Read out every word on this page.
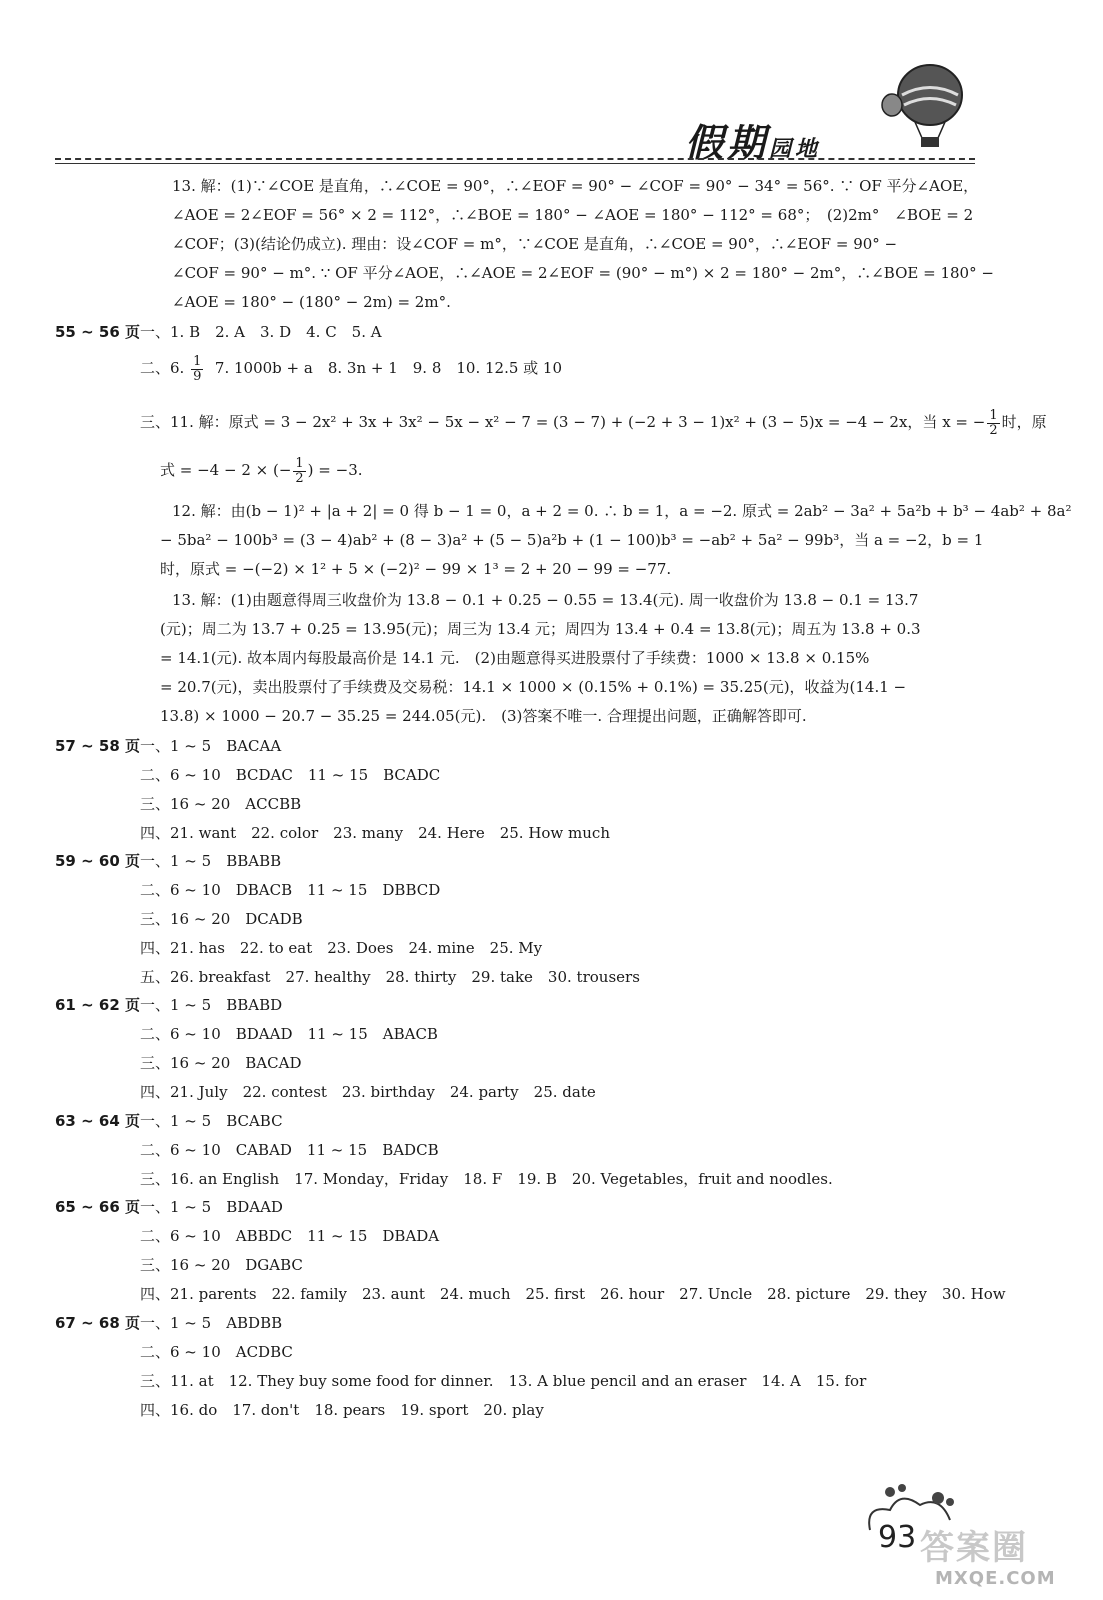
假期园地
13. 解：(1)∵∠COE 是直角，∴∠COE = 90°，∴∠EOF = 90° − ∠COF = 90° − 34° = 56°. ∵ OF 平分∠AOE，
∠AOE = 2∠EOF = 56° × 2 = 112°，∴∠BOE = 180° − ∠AOE = 180° − 112° = 68°；　(2)2m°　∠BOE = 2
∠COF；(3)(结论仍成立). 理由：设∠COF = m°，∵∠COE 是直角，∴∠COE = 90°，∴∠EOF = 90° −
∠COF = 90° − m°. ∵ OF 平分∠AOE，∴∠AOE = 2∠EOF = (90° − m°) × 2 = 180° − 2m°，∴∠BOE = 180° −
∠AOE = 180° − (180° − 2m) = 2m°.
55 ~ 56 页 一、1. B　2. A　3. D　4. C　5. A
二、6. $\frac{1}{9} 7$. 1000b + a　8. 3n + 1　9. 8　10. 12.5 或 10
三、11. 解：原式 = 3 − 2x² + 3x + 3x² − 5x − x² − 7 = (3 − 7) + (−2 + 3 − 1)x² + (3 − 5)x = −4 − 2x，当 x = − $\frac{1}{2}$ 时，原
式 = −4 − 2 × (− $\frac{1}{2}$ ) = −3.
12. 解：由(b − 1)² + |a + 2| = 0 得 b − 1 = 0，a + 2 = 0. ∴ b = 1，a = −2. 原式 = 2ab² − 3a² + 5a²b + b³ − 4ab² + 8a²
− 5ba² − 100b³ = (3 − 4)ab² + (8 − 3)a² + (5 − 5)a²b + (1 − 100)b³ = −ab² + 5a² − 99b³，当 a = −2，b = 1
时，原式 = −(−2) × 1² + 5 × (−2)² − 99 × 1³ = 2 + 20 − 99 = −77.
13. 解：(1)由题意得周三收盘价为 13.8 − 0.1 + 0.25 − 0.55 = 13.4(元). 周一收盘价为 13.8 − 0.1 = 13.7
(元)；周二为 13.7 + 0.25 = 13.95(元)；周三为 13.4 元；周四为 13.4 + 0.4 = 13.8(元)；周五为 13.8 + 0.3
= 14.1(元). 故本周内每股最高价是 14.1 元.　(2)由题意得买进股票付了手续费：1000 × 13.8 × 0.15%
= 20.7(元)，卖出股票付了手续费及交易税：14.1 × 1000 × (0.15% + 0.1%) = 35.25(元)，收益为(14.1 −
13.8) × 1000 − 20.7 − 35.25 = 244.05(元).　(3)答案不唯一. 合理提出问题，正确解答即可.
57 ~ 58 页 一、1 ~ 5　BACAA
二、6 ~ 10　BCDAC　11 ~ 15　BCADC
三、16 ~ 20　ACCBB
四、21. want　22. color　23. many　24. Here　25. How much
59 ~ 60 页 一、1 ~ 5　BBABB
二、6 ~ 10　DBACB　11 ~ 15　DBBCD
三、16 ~ 20　DCADB
四、21. has　22. to eat　23. Does　24. mine　25. My
五、26. breakfast　27. healthy　28. thirty　29. take　30. trousers
61 ~ 62 页 一、1 ~ 5　BBABD
二、6 ~ 10　BDAAD　11 ~ 15　ABACB
三、16 ~ 20　BACAD
四、21. July　22. contest　23. birthday　24. party　25. date
63 ~ 64 页 一、1 ~ 5　BCABC
二、6 ~ 10　CABAD　11 ~ 15　BADCB
三、16. an English　17. Monday，Friday　18. F　19. B　20. Vegetables，fruit and noodles.
65 ~ 66 页 一、1 ~ 5　BDAAD
二、6 ~ 10　ABBDC　11 ~ 15　DBADA
三、16 ~ 20　DGABC
四、21. parents　22. family　23. aunt　24. much　25. first　26. hour　27. Uncle　28. picture　29. they　30. How
67 ~ 68 页 一、1 ~ 5　ABDBB
二、6 ~ 10　ACDBC
三、11. at　12. They buy some food for dinner.　13. A blue pencil and an eraser　14. A　15. for
四、16. do　17. don't　18. pears　19. sport　20. play
93 答案圈
MXQE.COM
